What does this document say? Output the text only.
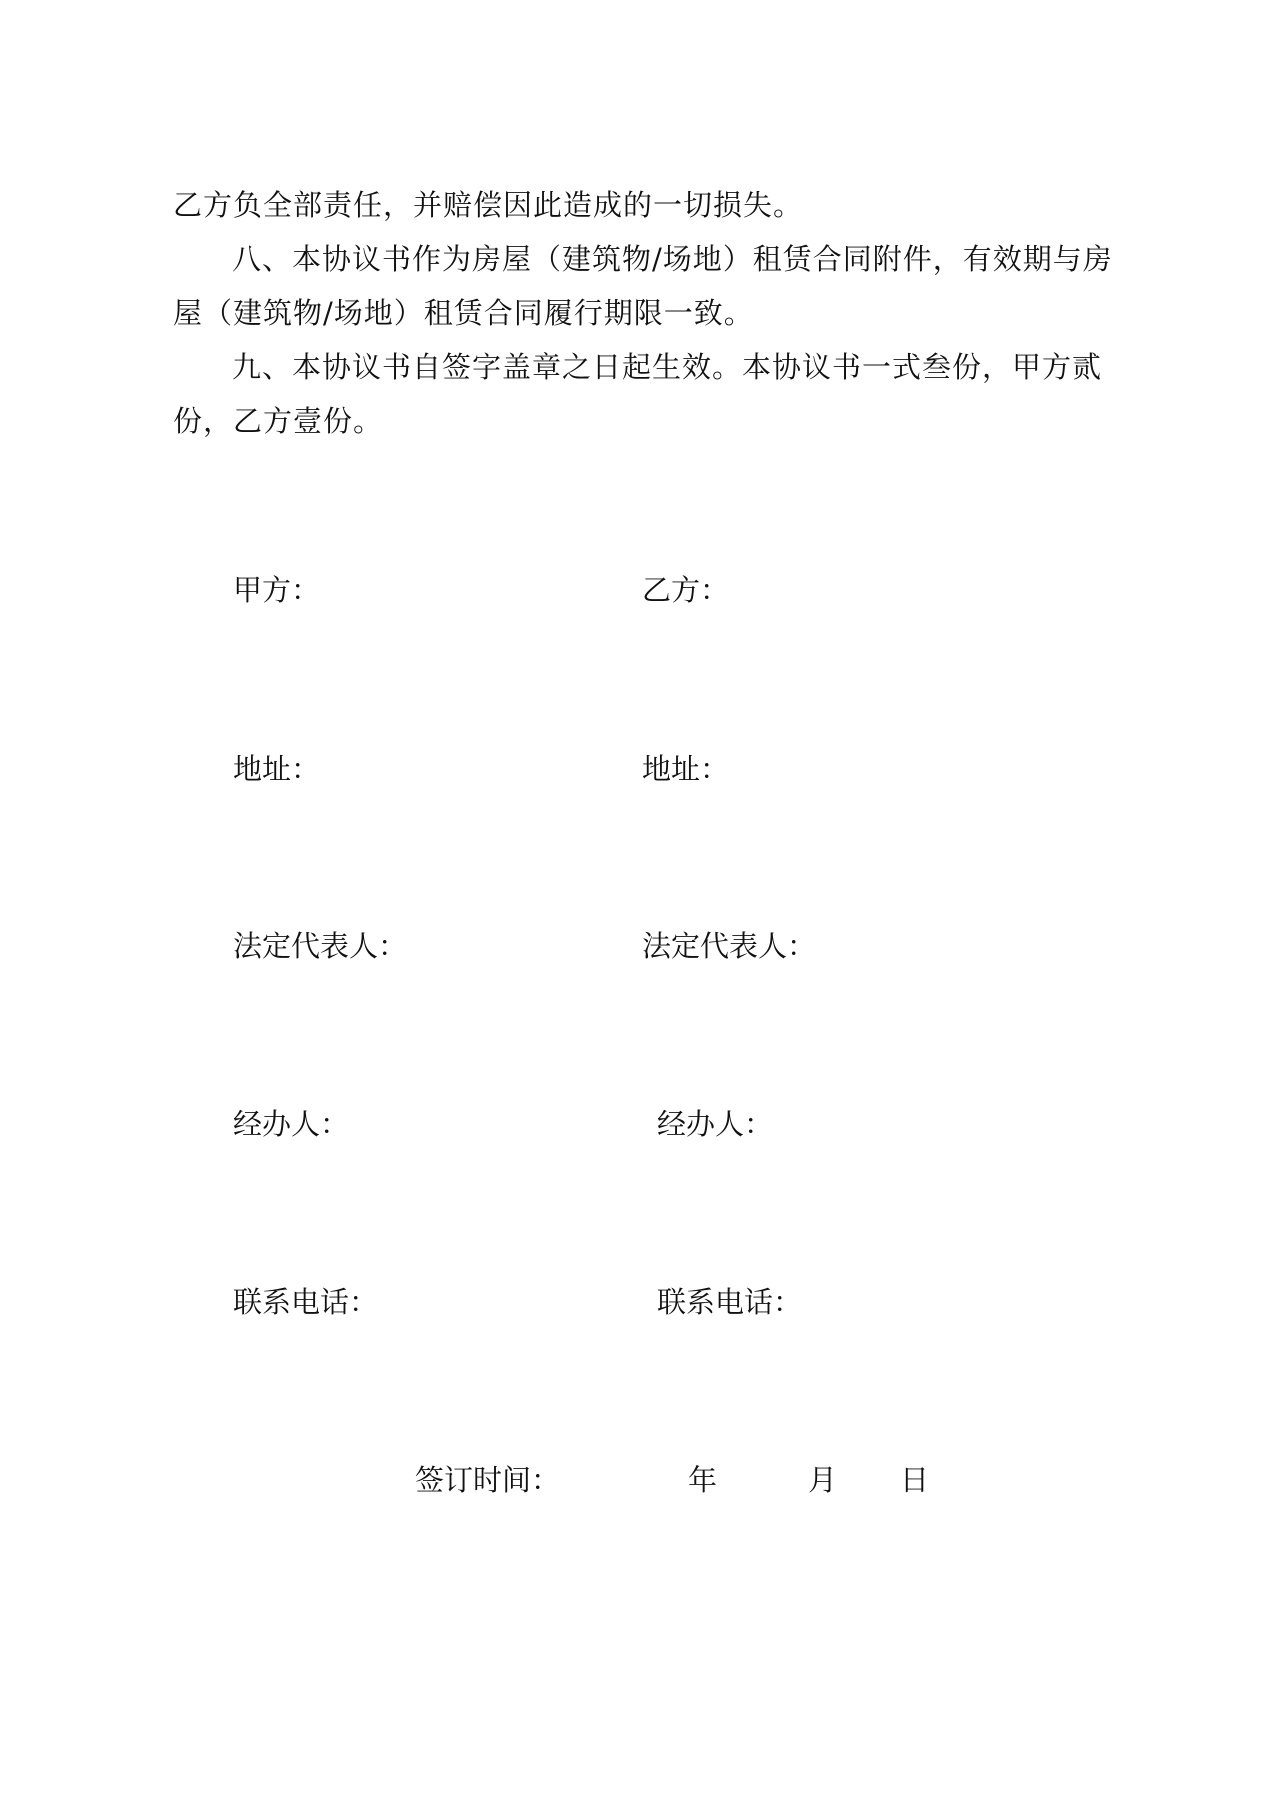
乙方负全部责任，并赔偿因此造成的一切损失。
八、本协议书作为房屋（建筑物/场地）租赁合同附件，有效期与房
屋（建筑物/场地）租赁合同履行期限一致。
九、本协议书自签字盖章之日起生效。本协议书一式叁份，甲方贰
份，乙方壹份。
甲方：
地址：
法定代表人：
经办人：
联系电话：
乙方：
地址：
法定代表人：
经办人：
联系电话：
签订时间：	年	月 日
